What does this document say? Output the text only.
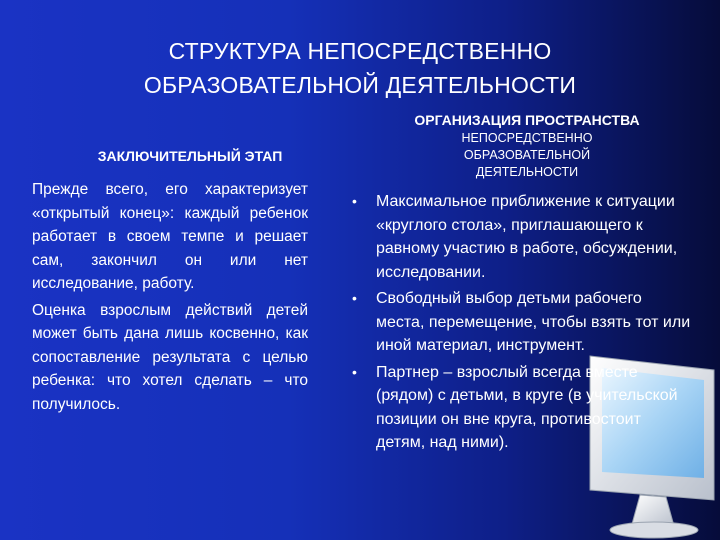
СТРУКТУРА НЕПОСРЕДСТВЕННО
ОБРАЗОВАТЕЛЬНОЙ ДЕЯТЕЛЬНОСТИ
ОРГАНИЗАЦИЯ ПРОСТРАНСТВА
НЕПОСРЕДСТВЕННО
ОБРАЗОВАТЕЛЬНОЙ
ДЕЯТЕЛЬНОСТИ
ЗАКЛЮЧИТЕЛЬНЫЙ ЭТАП

Прежде всего, его характеризует «открытый конец»: каждый ребенок работает в своем темпе и решает сам, закончил он или нет исследование, работу.

Оценка взрослым действий детей может быть дана лишь косвенно, как сопоставление результата с целью ребенка: что хотел сделать – что получилось.

• Максимальное приближение к ситуации «круглого стола», приглашающего к равному участию в работе, обсуждении, исследовании.
• Свободный выбор детьми рабочего места, перемещение, чтобы взять тот или иной материал, инструмент.
• Партнер – взрослый всегда вместе (рядом) с детьми, в круге (в учительской позиции он вне круга, противостоит детям, над ними).
